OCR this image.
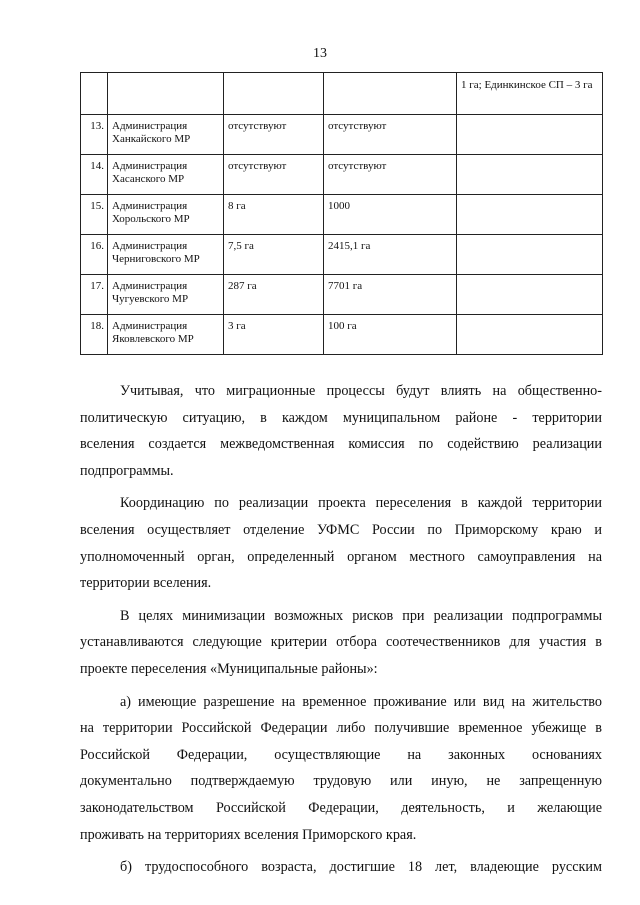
13
				1 га; Единкинское СП – 3 га
13.	Администрация Ханкайского МР	отсутствуют	отсутствуют	
14.	Администрация Хасанского МР	отсутствуют	отсутствуют	
15.	Администрация Хорольского МР	8 га	1000	
16.	Администрация Черниговского МР	7,5 га	2415,1 га	
17.	Администрация Чугуевского МР	287 га	7701 га	
18.	Администрация Яковлевского МР	3 га	100 га	

Учитывая, что миграционные процессы будут влиять на общественно-

политическую ситуацию, в каждом муниципальном районе - территории

вселения создается межведомственная комиссия по содействию реализации

подпрограммы.

Координацию по реализации проекта переселения в каждой территории

вселения осуществляет отделение УФМС России по Приморскому краю и

уполномоченный орган, определенный органом местного самоуправления на

территории вселения.

В целях минимизации возможных рисков при реализации подпрограммы

устанавливаются следующие критерии отбора соотечественников для участия в

проекте переселения «Муниципальные районы»:

а) имеющие разрешение на временное проживание или вид на жительство

на территории Российской Федерации либо получившие временное убежище в

Российской Федерации, осуществляющие на законных основаниях

документально подтверждаемую трудовую или иную, не запрещенную

законодательством Российской Федерации, деятельность, и желающие

проживать на территориях вселения Приморского края.

б) трудоспособного возраста, достигшие 18 лет, владеющие русским
